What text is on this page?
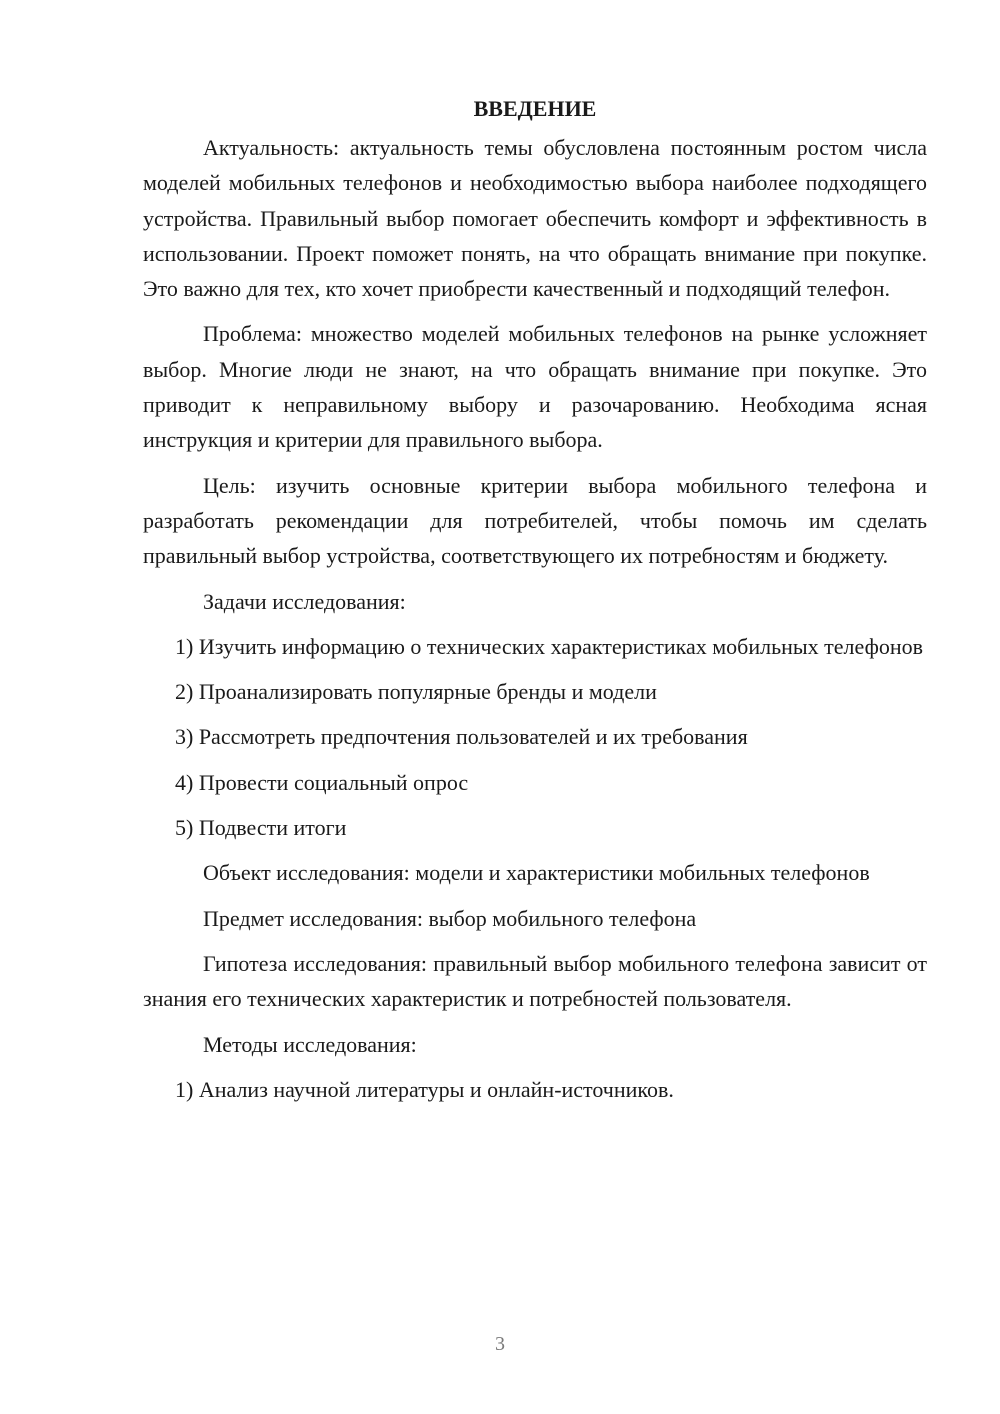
ВВЕДЕНИЕ

Актуальность: актуальность темы обусловлена постоянным ростом числа моделей мобильных телефонов и необходимостью выбора наиболее подходящего устройства. Правильный выбор помогает обеспечить комфорт и эффективность в использовании. Проект поможет понять, на что обращать внимание при покупке. Это важно для тех, кто хочет приобрести качественный и подходящий телефон.

Проблема: множество моделей мобильных телефонов на рынке усложняет выбор. Многие люди не знают, на что обращать внимание при покупке. Это приводит к неправильному выбору и разочарованию. Необходима ясная инструкция и критерии для правильного выбора.

Цель: изучить основные критерии выбора мобильного телефона и разработать рекомендации для потребителей, чтобы помочь им сделать правильный выбор устройства, соответствующего их потребностям и бюджету.

Задачи исследования:

1) Изучить информацию о технических характеристиках мобильных телефонов

2) Проанализировать популярные бренды и модели

3) Рассмотреть предпочтения пользователей и их требования

4) Провести социальный опрос

5) Подвести итоги

Объект исследования: модели и характеристики мобильных телефонов

Предмет исследования: выбор мобильного телефона

Гипотеза исследования: правильный выбор мобильного телефона зависит от знания его технических характеристик и потребностей пользователя.

Методы исследования:

1) Анализ научной литературы и онлайн-источников.

3
